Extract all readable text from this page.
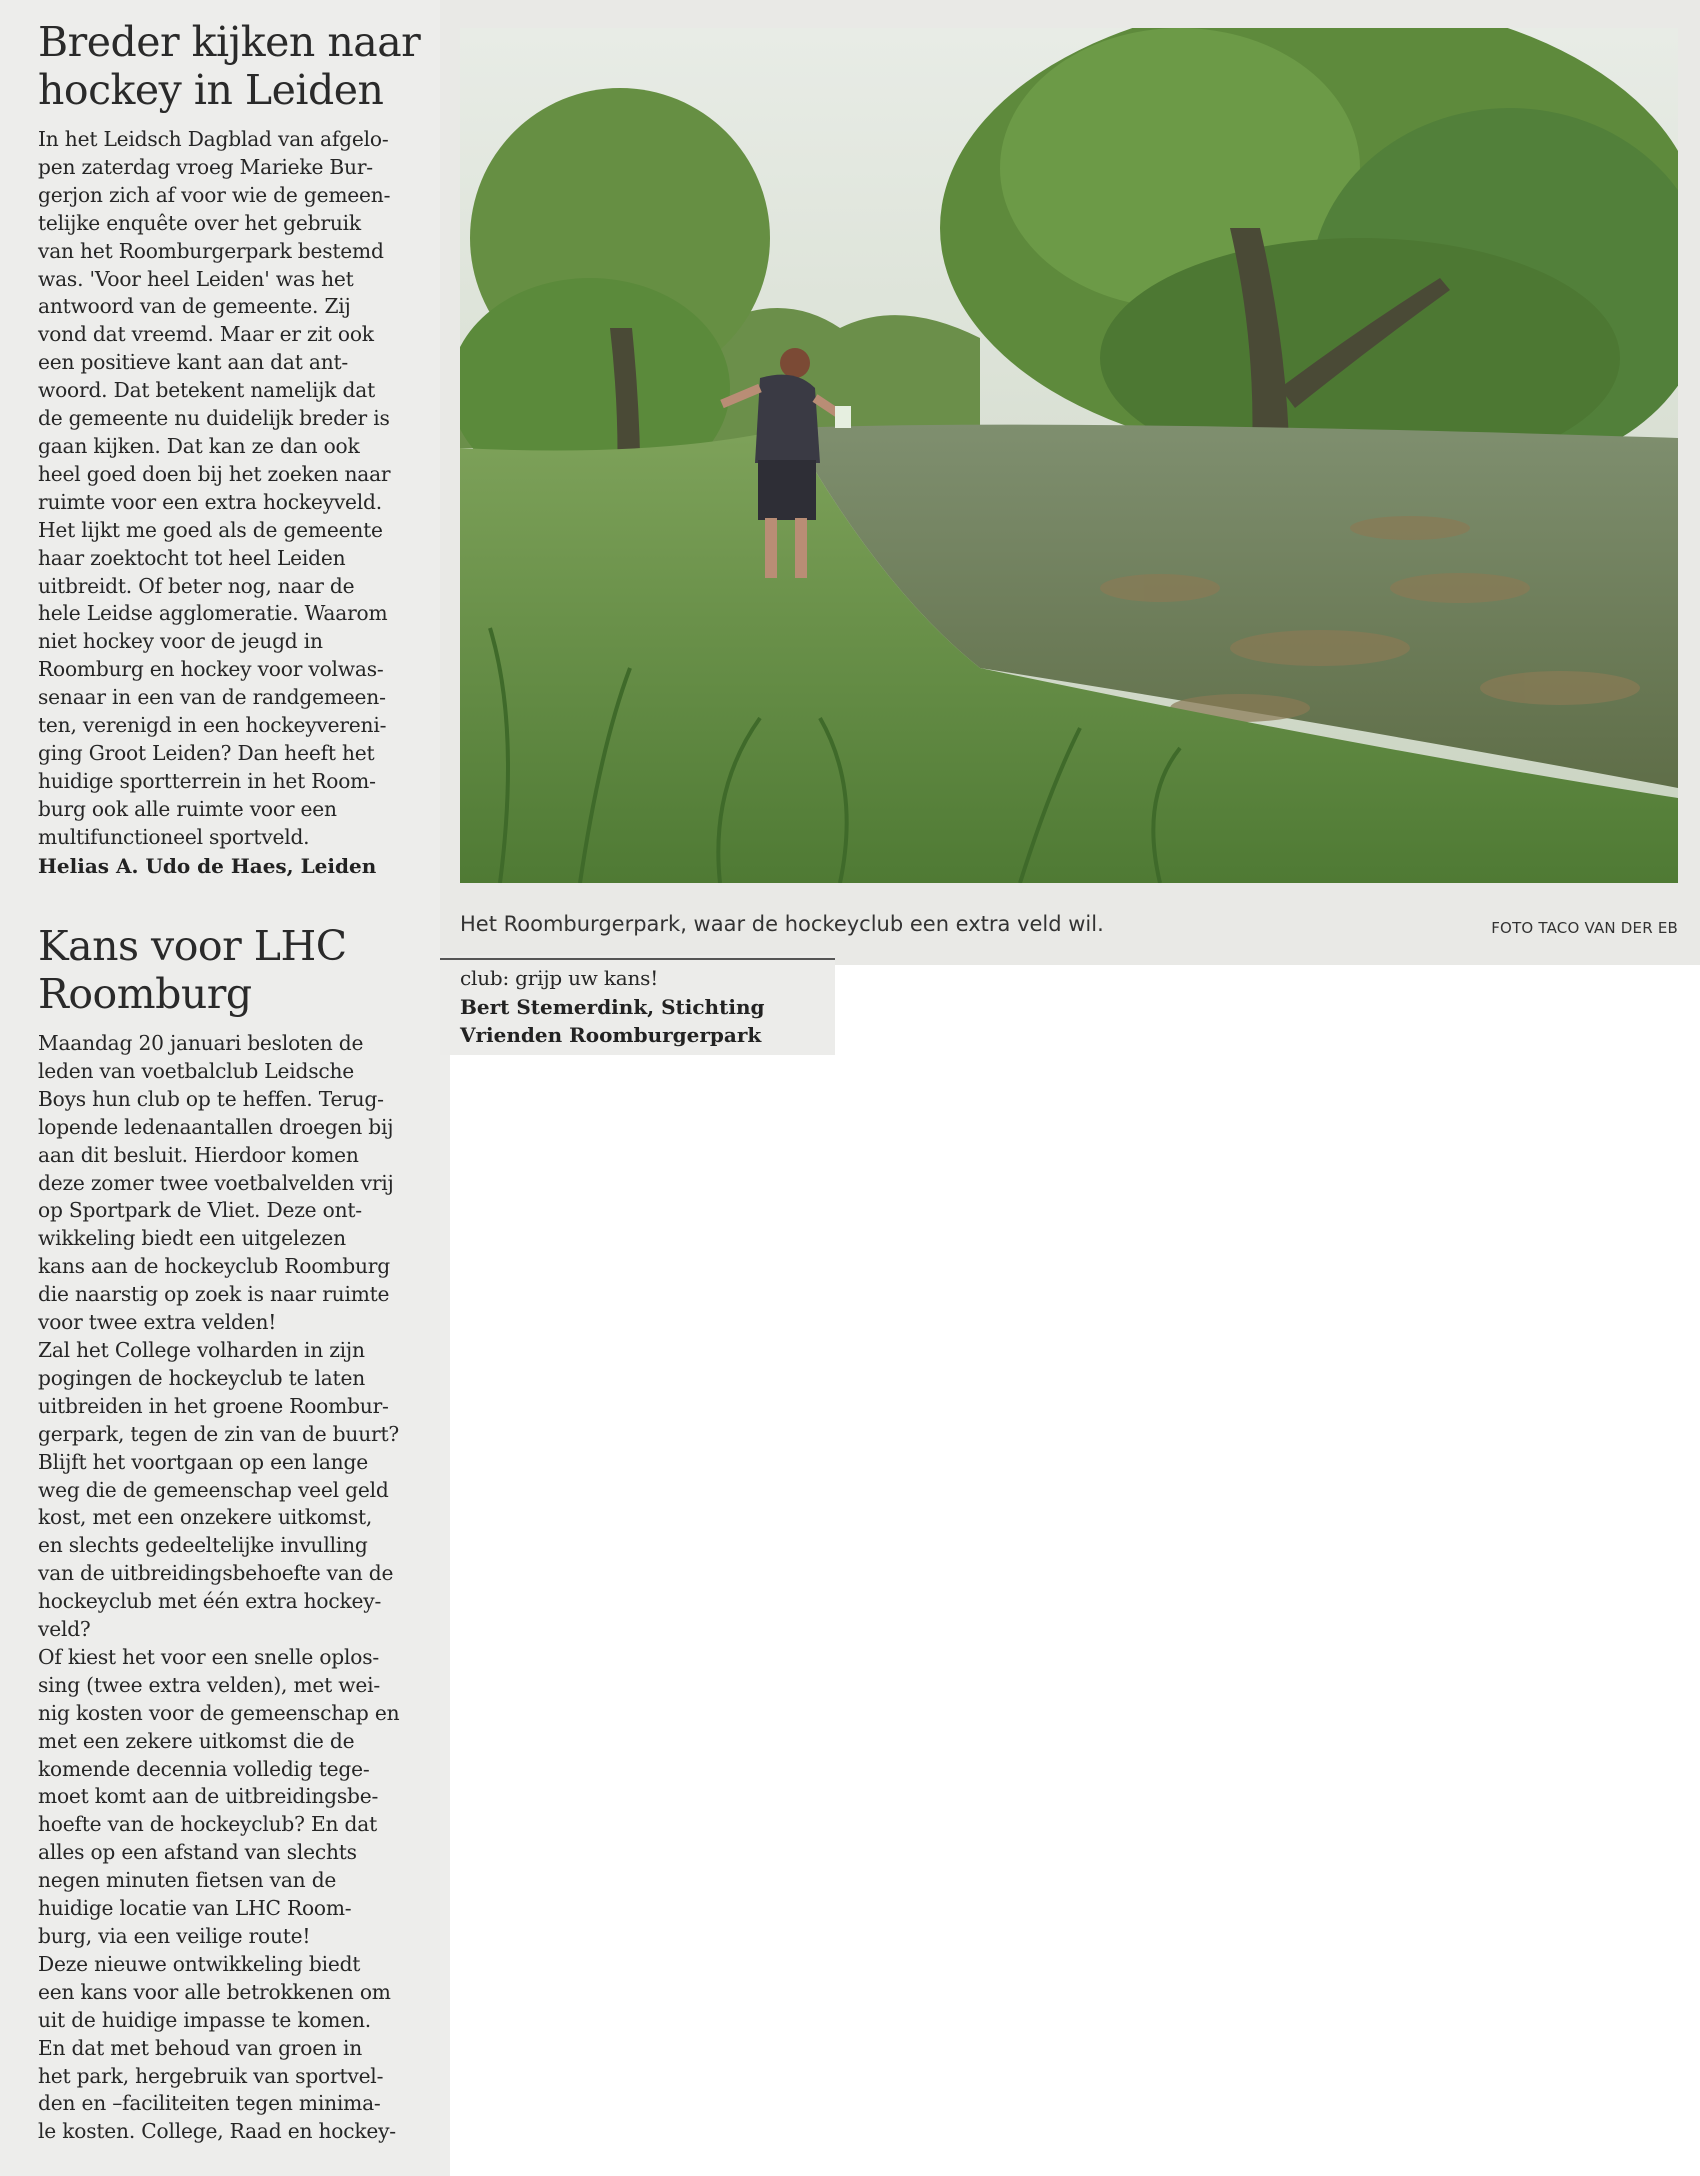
Breder kijken naar
hockey in Leiden

In het Leidsch Dagblad van afgelo-
pen zaterdag vroeg Marieke Bur-
gerjon zich af voor wie de gemeen-
telijke enquête over het gebruik
van het Roomburgerpark bestemd
was. 'Voor heel Leiden' was het
antwoord van de gemeente. Zij
vond dat vreemd. Maar er zit ook
een positieve kant aan dat ant-
woord. Dat betekent namelijk dat
de gemeente nu duidelijk breder is
gaan kijken. Dat kan ze dan ook
heel goed doen bij het zoeken naar
ruimte voor een extra hockeyveld.
Het lijkt me goed als de gemeente
haar zoektocht tot heel Leiden
uitbreidt. Of beter nog, naar de
hele Leidse agglomeratie. Waarom
niet hockey voor de jeugd in
Roomburg en hockey voor volwas-
senaar in een van de randgemeen-
ten, verenigd in een hockeyvereni-
ging Groot Leiden? Dan heeft het
huidige sportterrein in het Room-
burg ook alle ruimte voor een
multifunctioneel sportveld.

Helias A. Udo de Haes, Leiden
Het Roomburgerpark, waar de hockeyclub een extra veld wil.	FOTO TACO VAN DER EB
Kans voor LHC
Roomburg

Maandag 20 januari besloten de
leden van voetbalclub Leidsche
Boys hun club op te heffen. Terug-
lopende ledenaantallen droegen bij
aan dit besluit. Hierdoor komen
deze zomer twee voetbalvelden vrij
op Sportpark de Vliet. Deze ont-
wikkeling biedt een uitgelezen
kans aan de hockeyclub Roomburg
die naarstig op zoek is naar ruimte
voor twee extra velden!
Zal het College volharden in zijn
pogingen de hockeyclub te laten
uitbreiden in het groene Roombur-
gerpark, tegen de zin van de buurt?
Blijft het voortgaan op een lange
weg die de gemeenschap veel geld
kost, met een onzekere uitkomst,
en slechts gedeeltelijke invulling
van de uitbreidingsbehoefte van de
hockeyclub met één extra hockey-
veld?
Of kiest het voor een snelle oplos-
sing (twee extra velden), met wei-
nig kosten voor de gemeenschap en
met een zekere uitkomst die de
komende decennia volledig tege-
moet komt aan de uitbreidingsbe-
hoefte van de hockeyclub? En dat
alles op een afstand van slechts
negen minuten fietsen van de
huidige locatie van LHC Room-
burg, via een veilige route!
Deze nieuwe ontwikkeling biedt
een kans voor alle betrokkenen om
uit de huidige impasse te komen.
En dat met behoud van groen in
het park, hergebruik van sportvel-
den en –faciliteiten tegen minima-
le kosten. College, Raad en hockey-

club: grijp uw kans!

Bert Stemerdink, Stichting
Vrienden Roomburgerpark
